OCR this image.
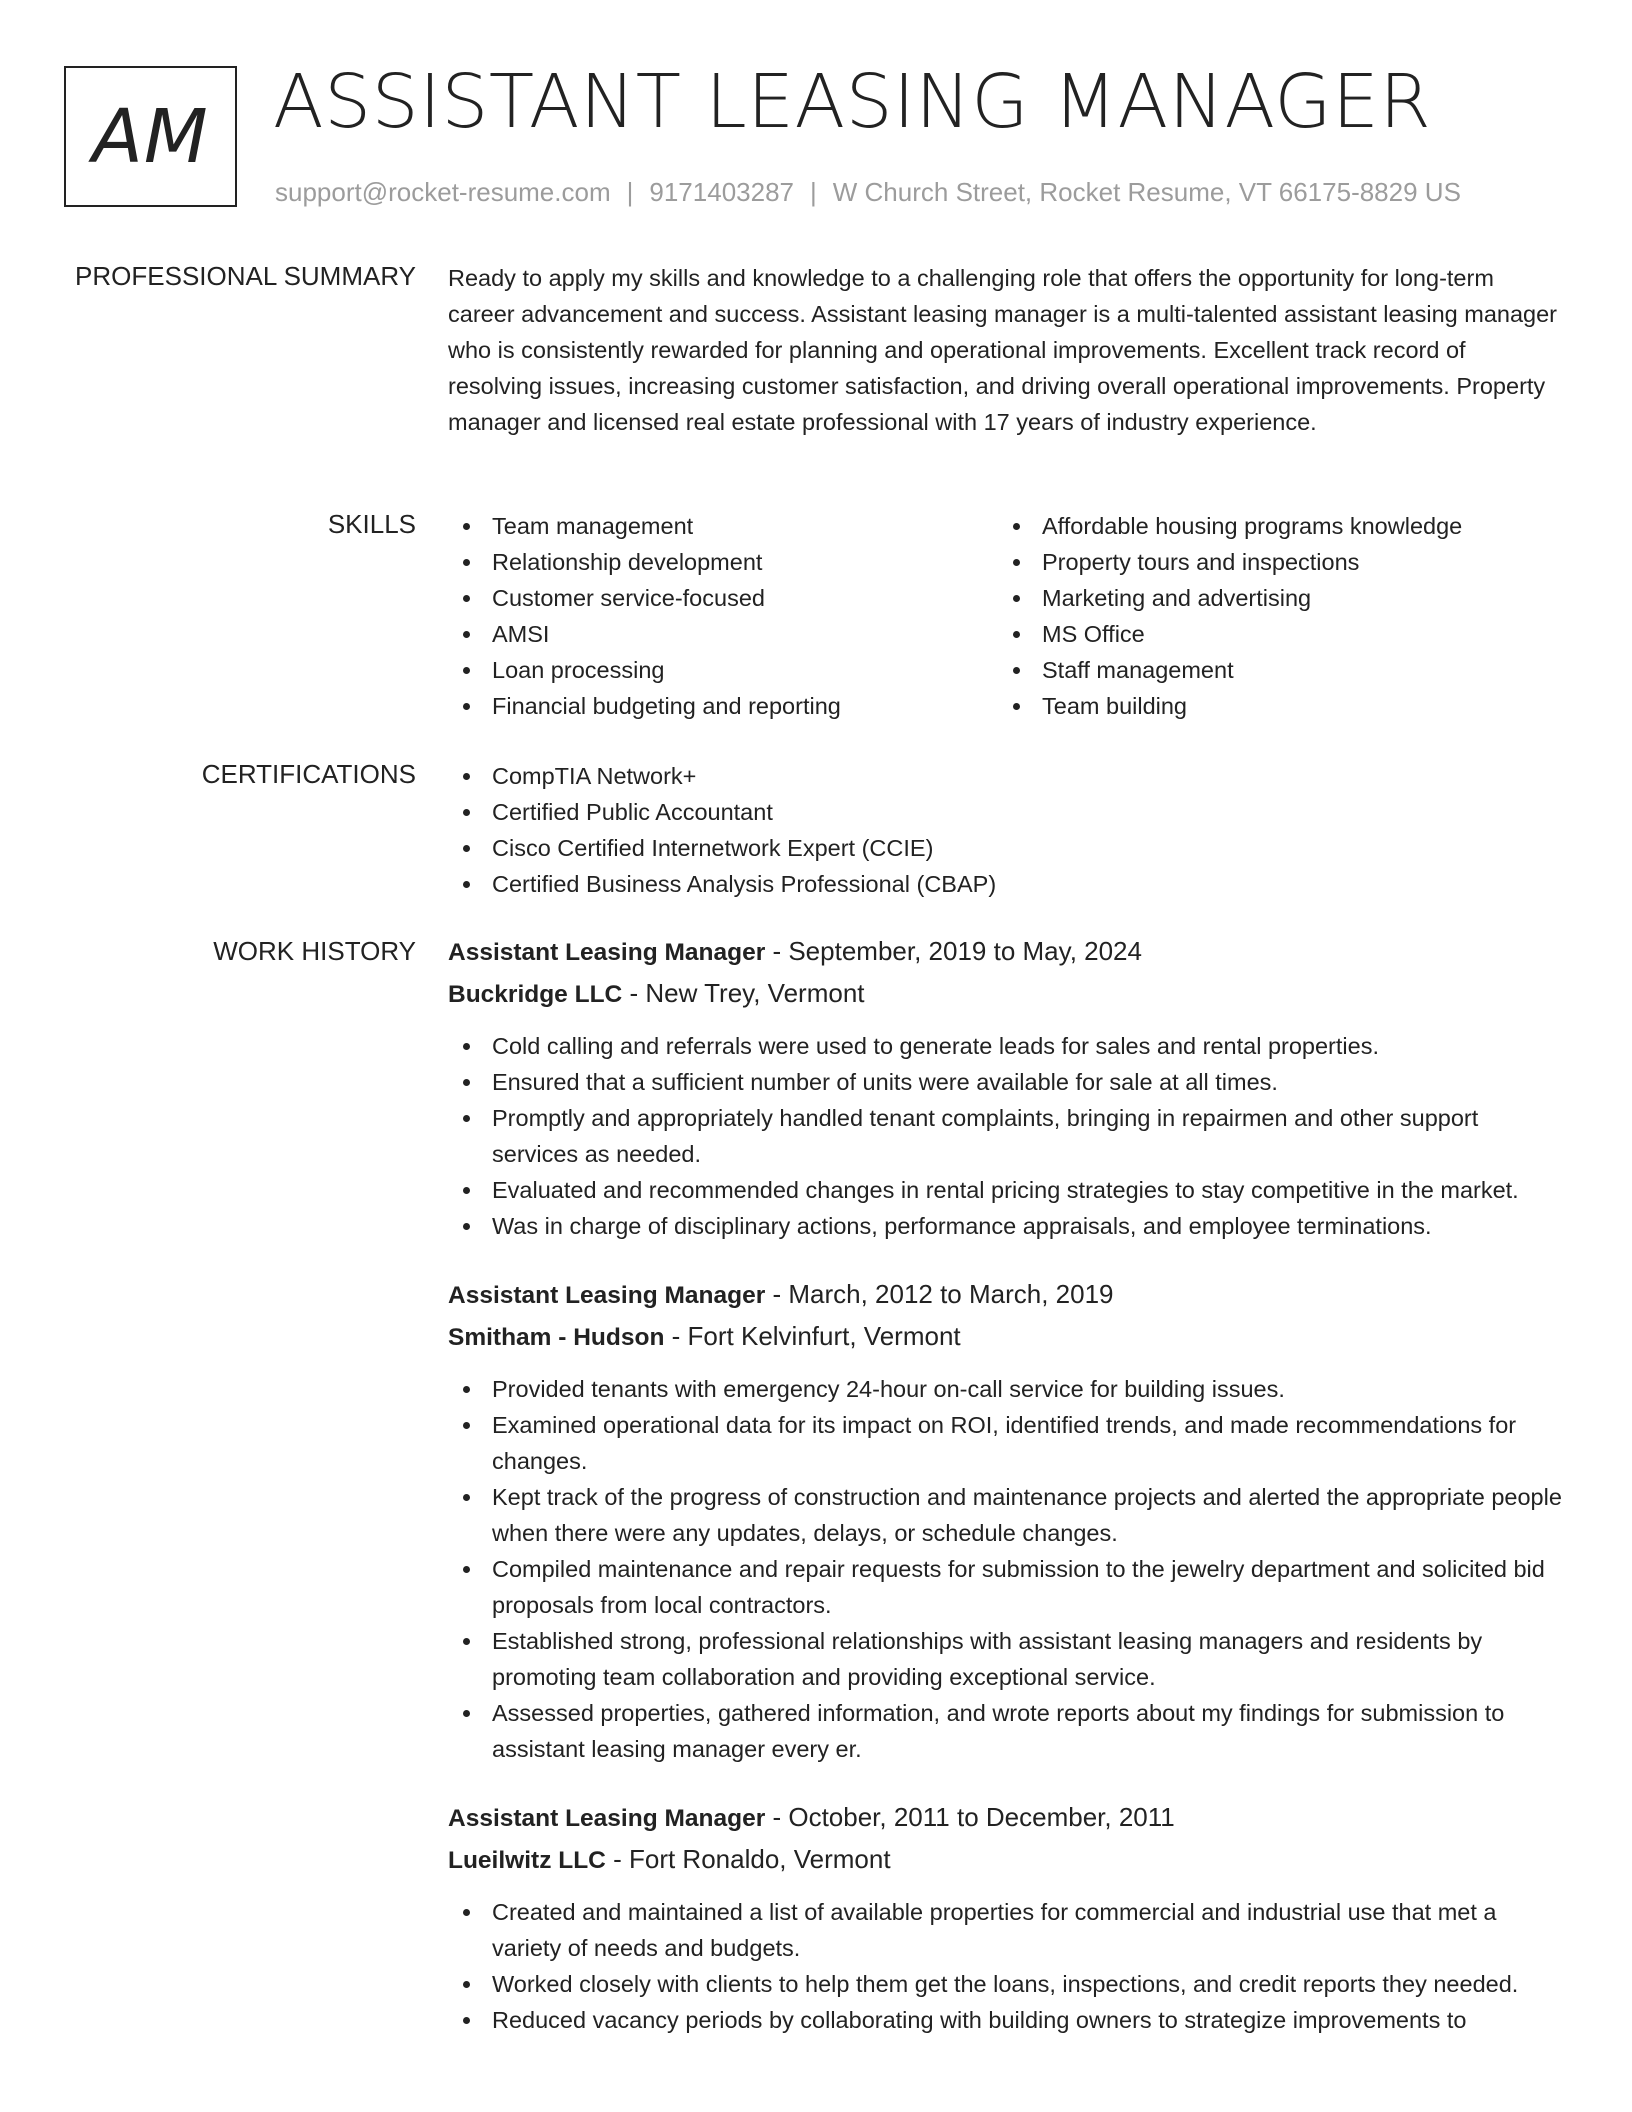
AM ASSISTANT LEASING MANAGER
support@rocket-resume.com | 9171403287 | W Church Street, Rocket Resume, VT 66175-8829 US
PROFESSIONAL SUMMARY Ready to apply my skills and knowledge to a challenging role that offers the opportunity for long-term career advancement and success. Assistant leasing manager is a multi-talented assistant leasing manager who is consistently rewarded for planning and operational improvements. Excellent track record of resolving issues, increasing customer satisfaction, and driving overall operational improvements. Property manager and licensed real estate professional with 17 years of industry experience.

SKILLS	Team management
Relationship development
Customer service-focused
AMSI
Loan processing
Financial budgeting and reporting
Affordable housing programs knowledge
Property tours and inspections
Marketing and advertising
MS Office
Staff management
Team building
CERTIFICATIONS	CompTIA Network+
Certified Public Accountant
Cisco Certified Internetwork Expert (CCIE)
Certified Business Analysis Professional (CBAP)
WORK HISTORY Assistant Leasing Manager - September, 2019 to May, 2024
Buckridge LLC - New Trey, Vermont
Cold calling and referrals were used to generate leads for sales and rental properties.
Ensured that a sufficient number of units were available for sale at all times.
Promptly and appropriately handled tenant complaints, bringing in repairmen and other support services as needed.
Evaluated and recommended changes in rental pricing strategies to stay competitive in the market.
Was in charge of disciplinary actions, performance appraisals, and employee terminations.
Assistant Leasing Manager - March, 2012 to March, 2019
Smitham - Hudson - Fort Kelvinfurt, Vermont
Provided tenants with emergency 24-hour on-call service for building issues.
Examined operational data for its impact on ROI, identified trends, and made recommendations for changes.
Kept track of the progress of construction and maintenance projects and alerted the appropriate people when there were any updates, delays, or schedule changes.
Compiled maintenance and repair requests for submission to the jewelry department and solicited bid proposals from local contractors.
Established strong, professional relationships with assistant leasing managers and residents by promoting team collaboration and providing exceptional service.
Assessed properties, gathered information, and wrote reports about my findings for submission to assistant leasing manager every er.
Assistant Leasing Manager - October, 2011 to December, 2011
Lueilwitz LLC - Fort Ronaldo, Vermont
Created and maintained a list of available properties for commercial and industrial use that met a variety of needs and budgets.
Worked closely with clients to help them get the loans, inspections, and credit reports they needed.
Reduced vacancy periods by collaborating with building owners to strategize improvements to
